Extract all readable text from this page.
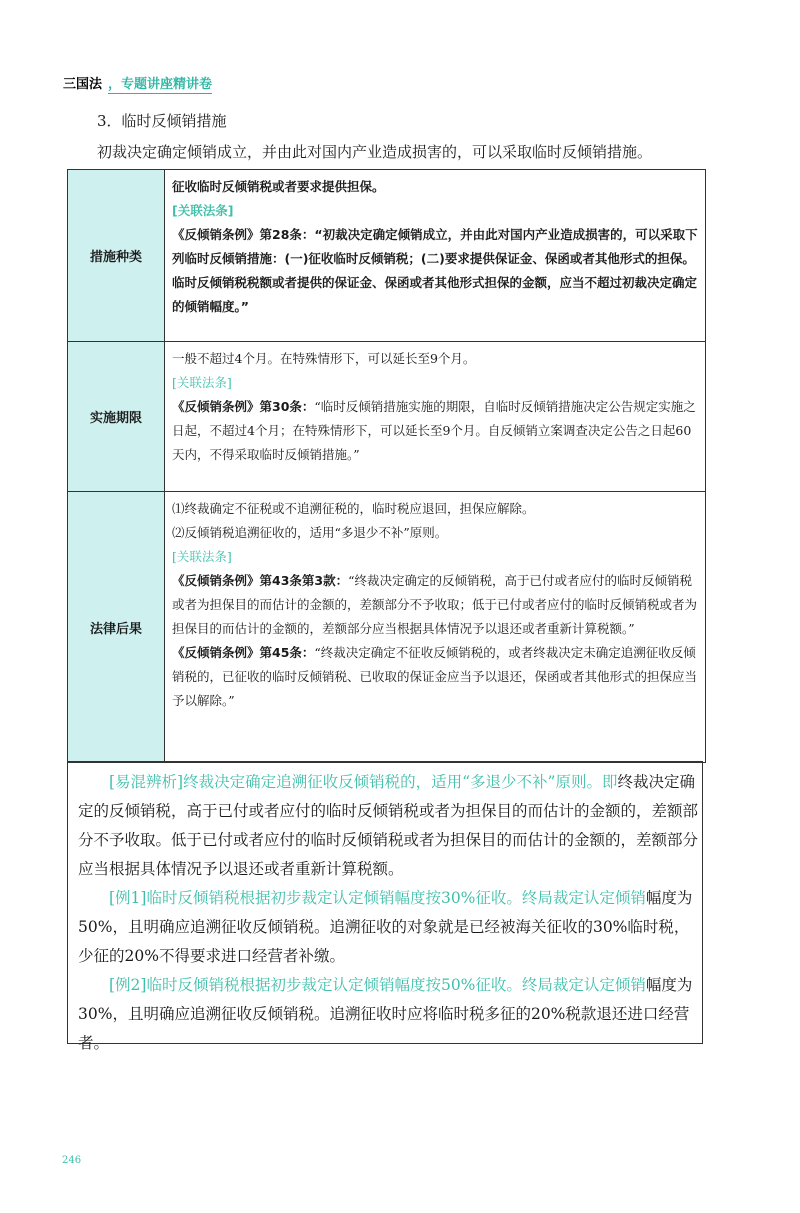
三国法 ，专题讲座精讲卷
3．临时反倾销措施
初裁决定确定倾销成立，并由此对国内产业造成损害的，可以采取临时反倾销措施。
措施种类	征收临时反倾销税或者要求提供担保。
[关联法条]
《反倾销条例》第28条：“初裁决定确定倾销成立，并由此对国内产业造成损害的，可以采取下列临时反倾销措施：(一)征收临时反倾销税；(二)要求提供保证金、保函或者其他形式的担保。临时反倾销税税额或者提供的保证金、保函或者其他形式担保的金额，应当不超过初裁决定确定的倾销幅度。”

实施期限	一般不超过4个月。在特殊情形下，可以延长至9个月。
[关联法条]
《反倾销条例》第30条：“临时反倾销措施实施的期限，自临时反倾销措施决定公告规定实施之日起，不超过4个月；在特殊情形下，可以延长至9个月。自反倾销立案调查决定公告之日起60天内，不得采取临时反倾销措施。”

法律后果	⑴终裁确定不征税或不追溯征税的，临时税应退回，担保应解除。
⑵反倾销税追溯征收的，适用“多退少不补”原则。
[关联法条]
《反倾销条例》第43条第3款：“终裁决定确定的反倾销税，高于已付或者应付的临时反倾销税或者为担保目的而估计的金额的，差额部分不予收取；低于已付或者应付的临时反倾销税或者为担保目的而估计的金额的，差额部分应当根据具体情况予以退还或者重新计算税额。”
《反倾销条例》第45条：“终裁决定确定不征收反倾销税的，或者终裁决定未确定追溯征收反倾销税的，已征收的临时反倾销税、已收取的保证金应当予以退还，保函或者其他形式的担保应当予以解除。”

[易混辨析]终裁决定确定追溯征收反倾销税的，适用“多退少不补”原则。即终裁决定确定的反倾销税，高于已付或者应付的临时反倾销税或者为担保目的而估计的金额的，差额部分不予收取。低于已付或者应付的临时反倾销税或者为担保目的而估计的金额的，差额部分应当根据具体情况予以退还或者重新计算税额。

[例1]临时反倾销税根据初步裁定认定倾销幅度按30%征收。终局裁定认定倾销幅度为50%，且明确应追溯征收反倾销税。追溯征收的对象就是已经被海关征收的30%临时税，少征的20%不得要求进口经营者补缴。

[例2]临时反倾销税根据初步裁定认定倾销幅度按50%征收。终局裁定认定倾销幅度为30%，且明确应追溯征收反倾销税。追溯征收时应将临时税多征的20%税款退还进口经营者。

246
